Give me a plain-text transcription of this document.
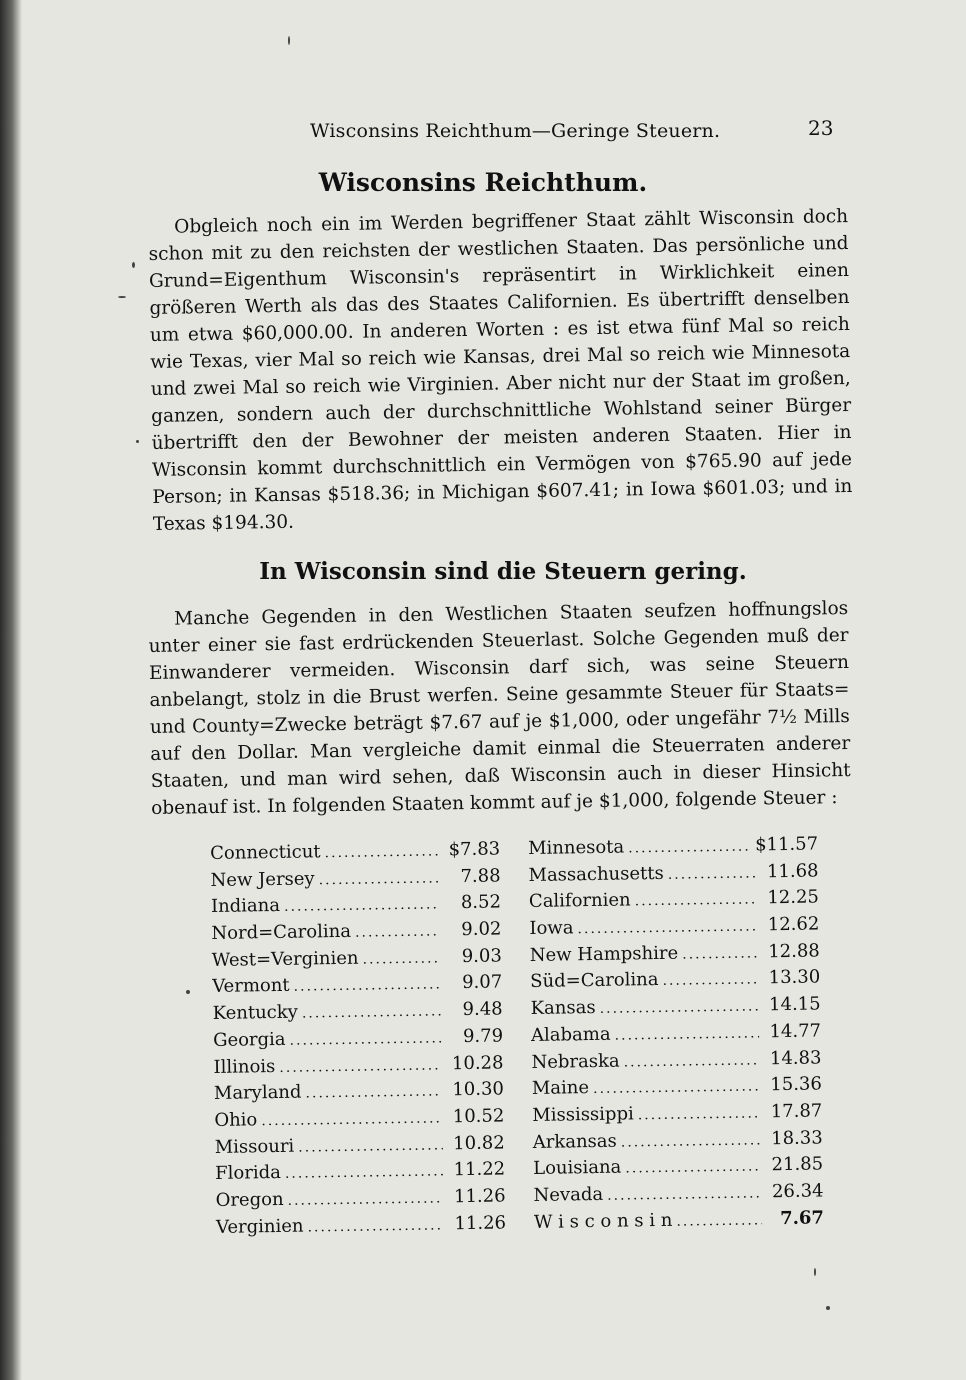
Wisconsins Reichthum—Geringe Steuern.	23
Wisconsins Reichthum.
Obgleich noch ein im Werden begriffener Staat zählt Wisconsin doch schon mit zu den reichsten der westlichen Staaten. Das persönliche und Grund=Eigenthum Wisconsin's repräsentirt in Wirklichkeit einen größeren Werth als das des Staates Californien. Es übertrifft denselben um etwa $60,000.00. In anderen Worten : es ist etwa fünf Mal so reich wie Texas, vier Mal so reich wie Kansas, drei Mal so reich wie Minnesota und zwei Mal so reich wie Virginien. Aber nicht nur der Staat im großen, ganzen, sondern auch der durchschnittliche Wohlstand seiner Bürger übertrifft den der Bewohner der meisten anderen Staaten. Hier in Wisconsin kommt durchschnittlich ein Vermögen von $765.90 auf jede Person; in Kansas $518.36; in Michigan $607.41; in Iowa $601.03; und in Texas $194.30.
In Wisconsin sind die Steuern gering.
Manche Gegenden in den Westlichen Staaten seufzen hoffnungslos unter einer sie fast erdrückenden Steuerlast. Solche Gegenden muß der Einwanderer vermeiden. Wisconsin darf sich, was seine Steuern anbelangt, stolz in die Brust werfen. Seine gesammte Steuer für Staats= und County=Zwecke beträgt $7.67 auf je $1,000, oder ungefähr 7½ Mills auf den Dollar. Man vergleiche damit einmal die Steuerraten anderer Staaten, und man wird sehen, daß Wisconsin auch in dieser Hinsicht obenauf ist. In folgenden Staaten kommt auf je $1,000, folgende Steuer :
Connecticut .....	$7.83
New Jersey .....	7.88
Indiana .....	8.52
Nord=Carolina .....	9.02
West=Verginien .....	9.03
Vermont .....	9.07
Kentucky .....	9.48
Georgia .....	9.79
Illinois .....	10.28
Maryland .....	10.30
Ohio .....	10.52
Missouri .....	10.82
Florida .....	11.22
Oregon .....	11.26
Verginien .....	11.26
Minnesota .....	$11.57
Massachusetts .....	11.68
Californien .....	12.25
Iowa .....	12.62
New Hampshire .....	12.88
Süd=Carolina .....	13.30
Kansas .....	14.15
Alabama .....	14.77
Nebraska .....	14.83
Maine .....	15.36
Mississippi .....	17.87
Arkansas .....	18.33
Louisiana .....	21.85
Nevada .....	26.34
W i s c o n s i n .....	7.67
